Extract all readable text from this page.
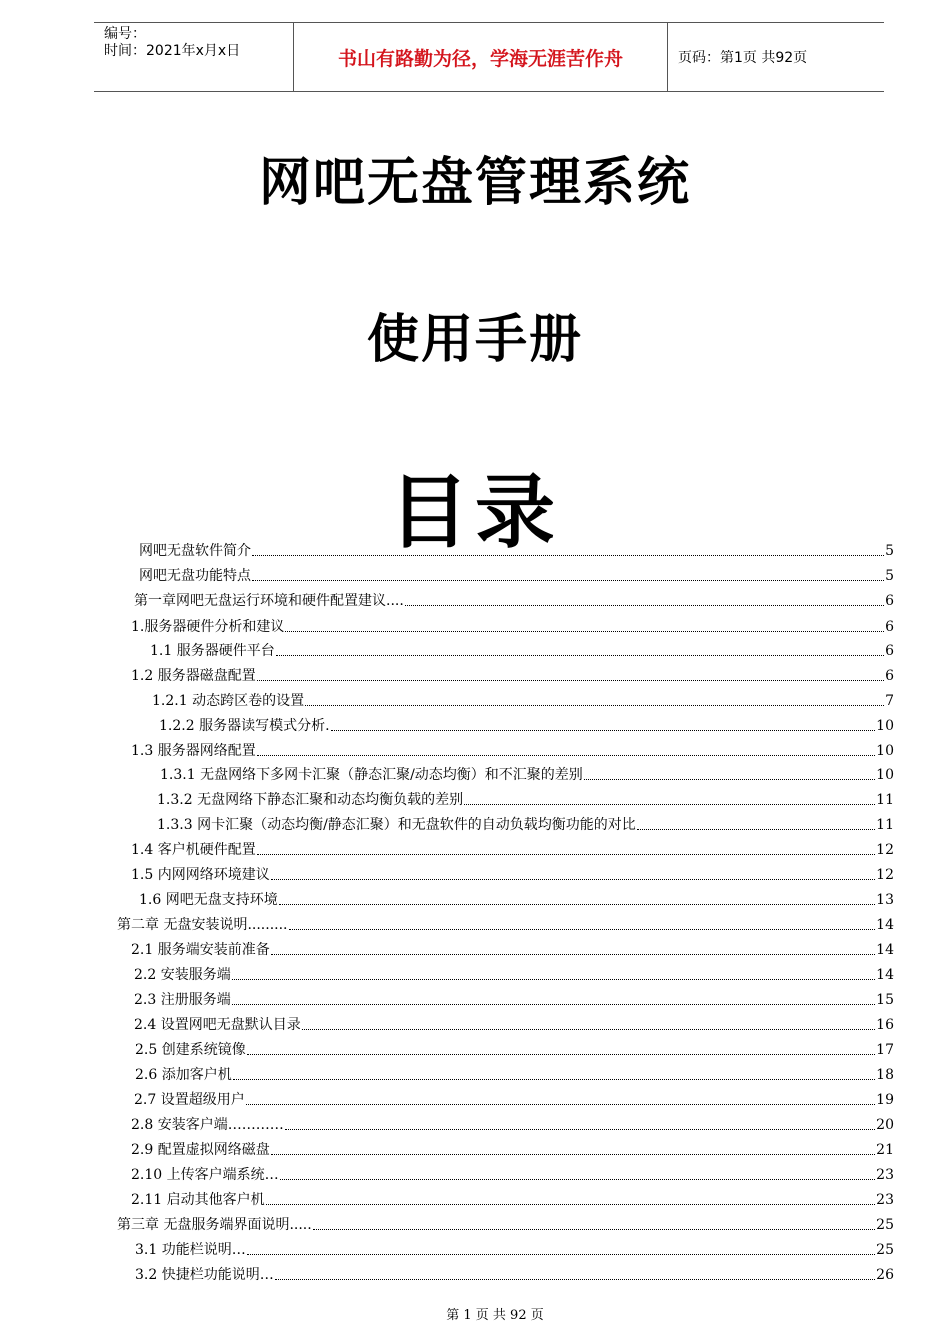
编号：
时间：2021年x月x日	书山有路勤为径，学海无涯苦作舟	页码：第1页 共92页
网吧无盘管理系统
使用手册
目录
网吧无盘软件简介	5
网吧无盘功能特点	5
第一章网吧无盘运行环境和硬件配置建议....	6
1.服务器硬件分析和建议	6
1.1 服务器硬件平台	6
1.2 服务器磁盘配置	6
1.2.1 动态跨区卷的设置	7
1.2.2 服务器读写模式分析.	10
1.3 服务器网络配置	10
1.3.1 无盘网络下多网卡汇聚（静态汇聚/动态均衡）和不汇聚的差别	10
1.3.2 无盘网络下静态汇聚和动态均衡负载的差别	11
1.3.3 网卡汇聚（动态均衡/静态汇聚）和无盘软件的自动负载均衡功能的对比	11
1.4 客户机硬件配置	12
1.5 内网网络环境建议	12
1.6 网吧无盘支持环境	13
第二章 无盘安装说明.........	14
2.1 服务端安装前准备	14
2.2 安装服务端	14
2.3 注册服务端	15
2.4 设置网吧无盘默认目录	16
2.5 创建系统镜像	17
2.6 添加客户机	18
2.7 设置超级用户	19
2.8 安装客户端…………	20
2.9 配置虚拟网络磁盘	21
2.10 上传客户端系统…	23
2.11 启动其他客户机	23
第三章 无盘服务端界面说明.....	25
3.1 功能栏说明…	25
3.2 快捷栏功能说明…	26
第 1 页 共 92 页
